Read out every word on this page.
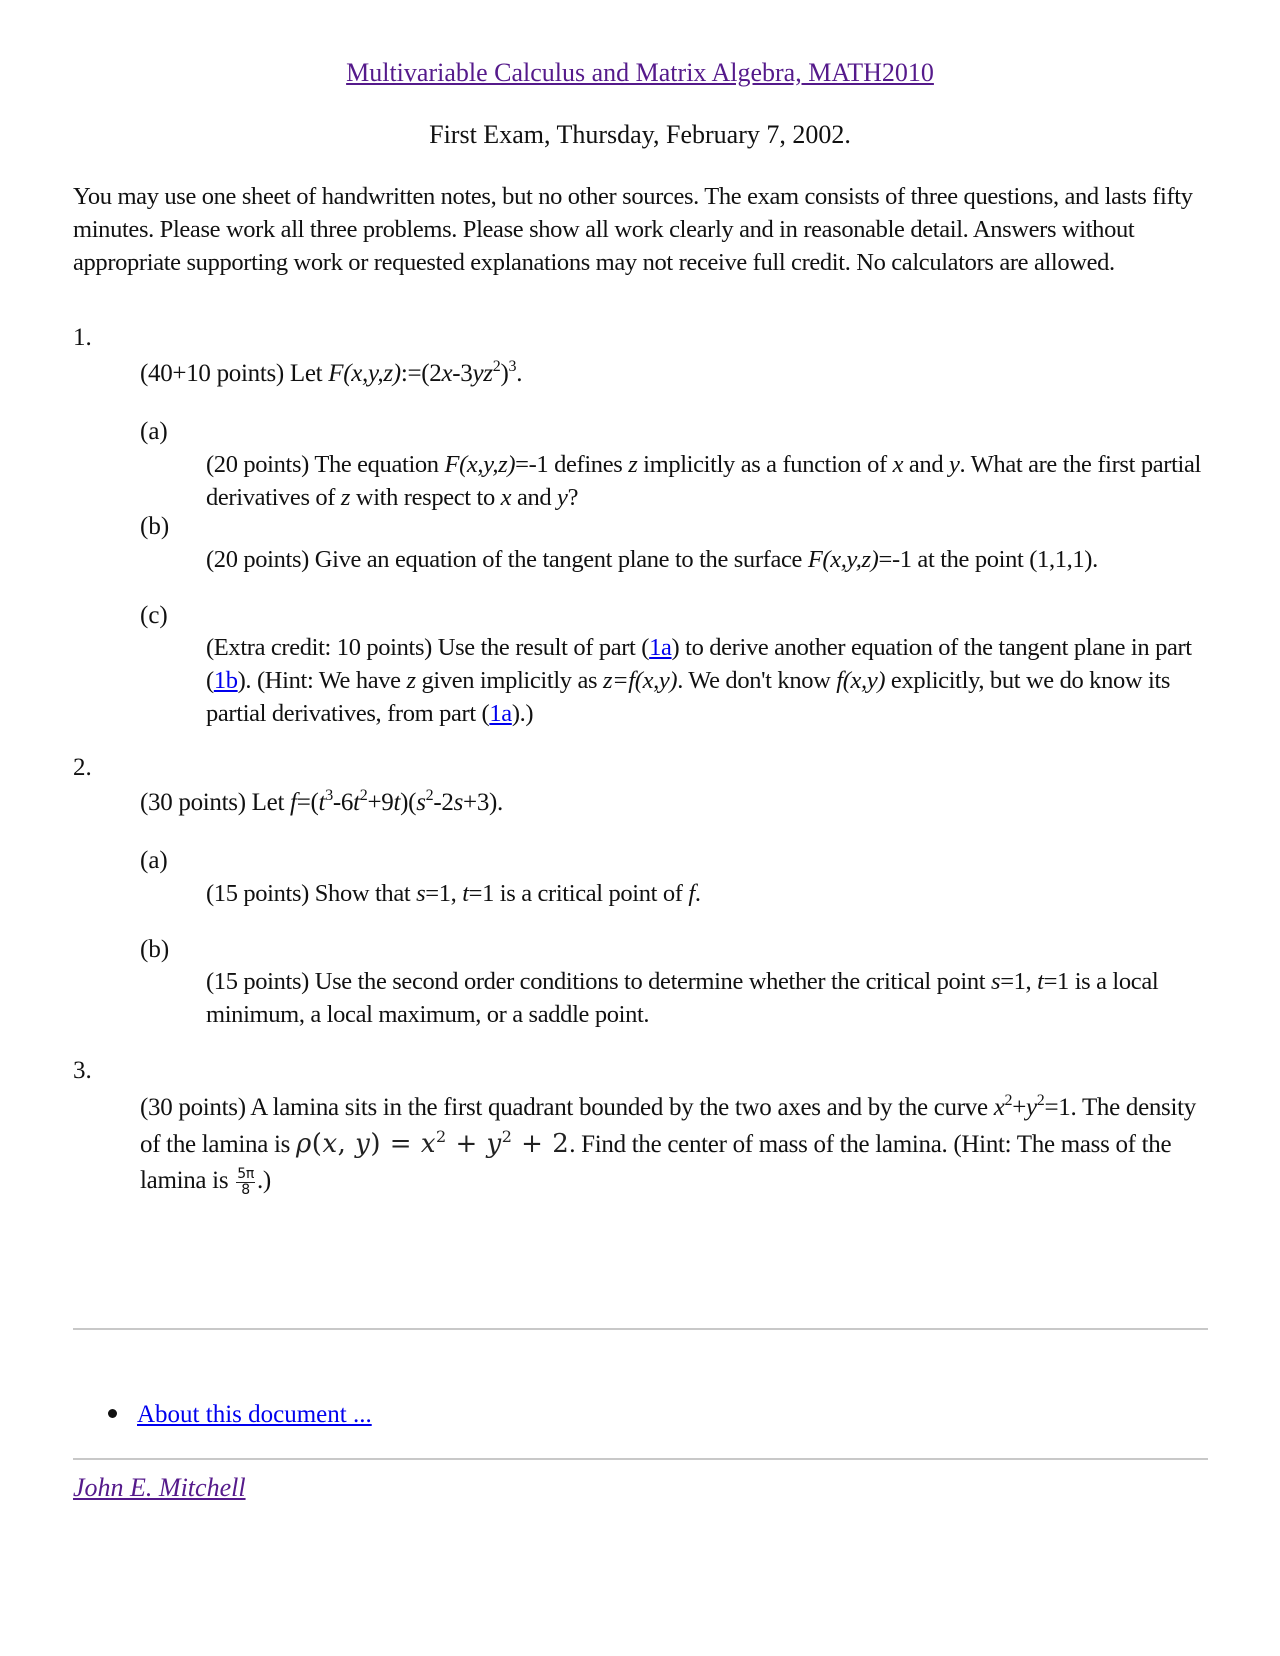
Multivariable Calculus and Matrix Algebra, MATH2010
First Exam, Thursday, February 7, 2002.
You may use one sheet of handwritten notes, but no other sources. The exam consists of three questions, and lasts fifty minutes. Please work all three problems. Please show all work clearly and in reasonable detail. Answers without appropriate supporting work or requested explanations may not receive full credit. No calculators are allowed.
1.
(40+10 points) Let $F(x,y,z):=(2x-3yz^2)^3$.
(a)
(20 points) The equation F(x,y,z)=-1 defines z implicitly as a function of x and y. What are the first partial derivatives of z with respect to x and y?
(b)
(20 points) Give an equation of the tangent plane to the surface F(x,y,z)=-1 at the point (1,1,1).
(c)
(Extra credit: 10 points) Use the result of part (1a) to derive another equation of the tangent plane in part (1b). (Hint: We have z given implicitly as z=f(x,y). We don't know f(x,y) explicitly, but we do know its partial derivatives, from part (1a).)
2.
(30 points) Let $f=(t^3-6t^2+9t)(s^2-2s+3)$.
(a)
(15 points) Show that s=1, t=1 is a critical point of f.
(b)
(15 points) Use the second order conditions to determine whether the critical point s=1, t=1 is a local minimum, a local maximum, or a saddle point.
3.
(30 points) A lamina sits in the first quadrant bounded by the two axes and by the curve $x^2+y^2=1$. The density of the lamina is ρ(x, $y) = x^2 + y^2 + 2$. Find the center of mass of the lamina. (Hint: The mass of the lamina is $\frac{5\pi}{8}$ .)
About this document ...
John E. Mitchell
